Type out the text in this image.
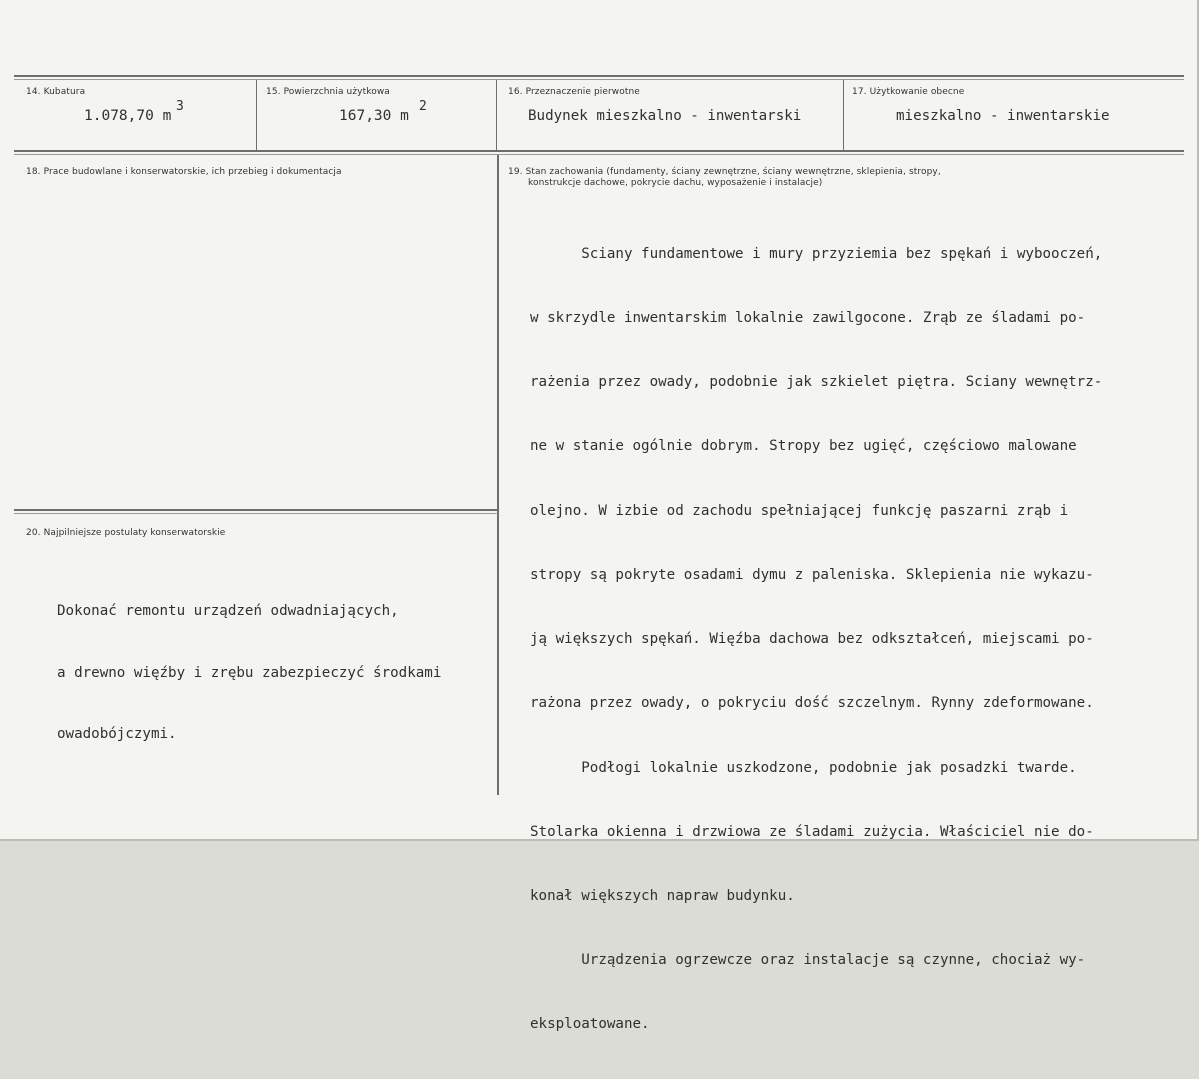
14. Kubatura
1.078,70 m
3
15. Powierzchnia użytkowa
167,30 m
2
16. Przeznaczenie pierwotne
Budynek mieszkalno - inwentarski
17. Użytkowanie obecne
mieszkalno - inwentarskie
18. Prace budowlane i konserwatorskie, ich przebieg i dokumentacja	19. Stan zachowania (fundamenty, ściany zewnętrzne, ściany wewnętrzne, sklepienia, stropy,
konstrukcje dachowe, pokrycie dachu, wyposażenie i instalacje)

Sciany fundamentowe i mury przyziemia bez spękań i wybooczeń,

w skrzydle inwentarskim lokalnie zawilgocone. Zrąb ze śladami po-

rażenia przez owady, podobnie jak szkielet piętra. Sciany wewnętrz-

ne w stanie ogólnie dobrym. Stropy bez ugięć, częściowo malowane

olejno. W izbie od zachodu spełniającej funkcję paszarni zrąb i

stropy są pokryte osadami dymu z paleniska. Sklepienia nie wykazu-

ją większych spękań. Więźba dachowa bez odkształceń, miejscami po-

rażona przez owady, o pokryciu dość szczelnym. Rynny zdeformowane.

Podłogi lokalnie uszkodzone, podobnie jak posadzki twarde.

Stolarka okienna i drzwiowa ze śladami zużycia. Właściciel nie do-

konał większych napraw budynku.

Urządzenia ogrzewcze oraz instalacje są czynne, chociaż wy-

eksploatowane.

20. Najpilniejsze postulaty konserwatorskie

Dokonać remontu urządzeń odwadniających,

a drewno więźby i zrębu zabezpieczyć środkami

owadobójczymi.
